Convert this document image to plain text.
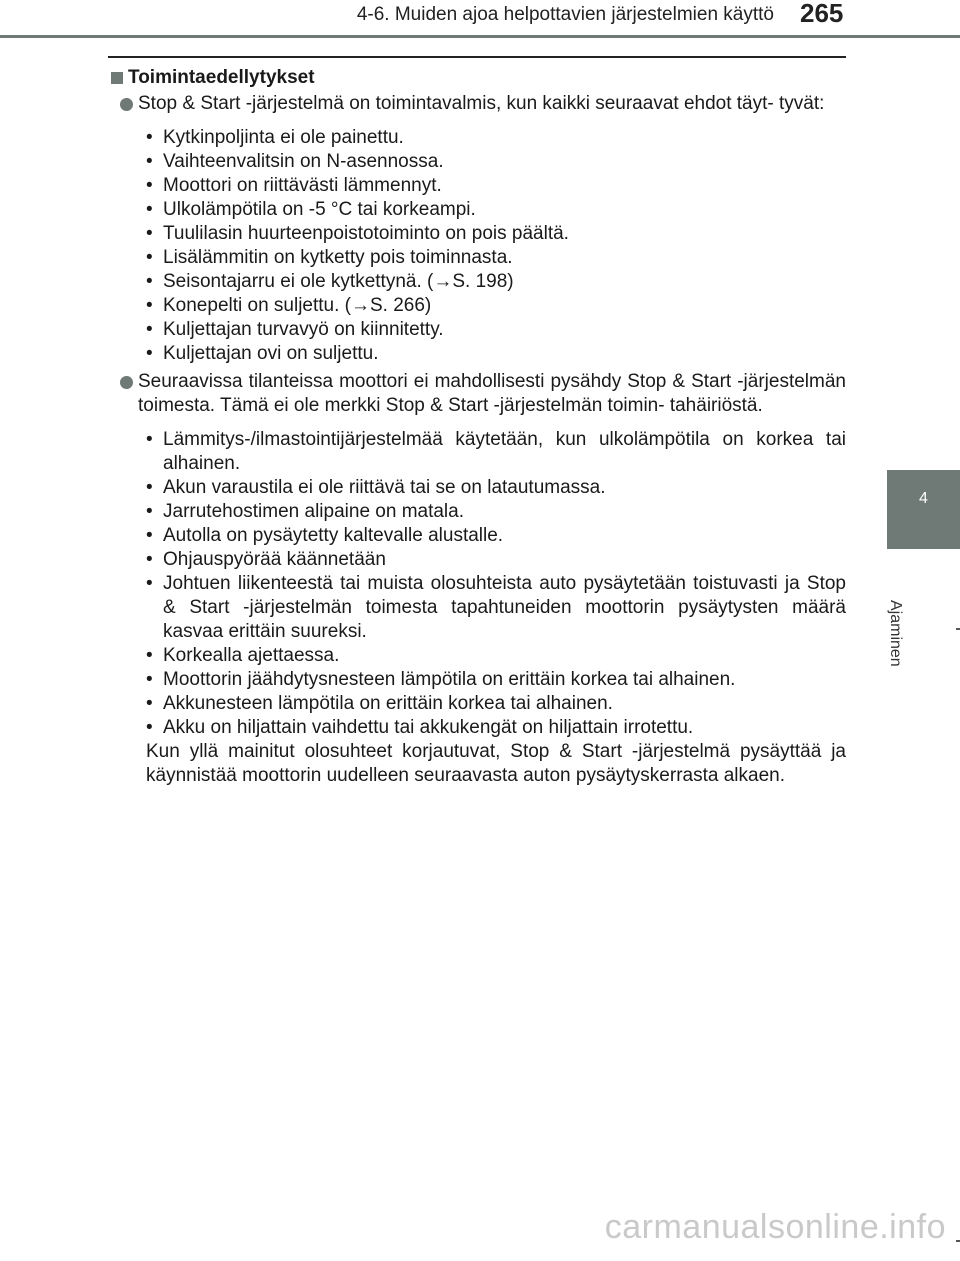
4-6. Muiden ajoa helpottavien järjestelmien käyttö 265
4
Ajaminen
Toimintaedellytykset
Stop & Start -järjestelmä on toimintavalmis, kun kaikki seuraavat ehdot täyt- tyvät:
• Kytkinpoljinta ei ole painettu.
• Vaihteenvalitsin on N-asennossa.
• Moottori on riittävästi lämmennyt.
• Ulkolämpötila on -5 °C tai korkeampi.
• Tuulilasin huurteenpoistotoiminto on pois päältä.
• Lisälämmitin on kytketty pois toiminnasta.
• Seisontajarru ei ole kytkettynä. (→S. 198)
• Konepelti on suljettu. (→S. 266)
• Kuljettajan turvavyö on kiinnitetty.
• Kuljettajan ovi on suljettu.
Seuraavissa tilanteissa moottori ei mahdollisesti pysähdy Stop & Start -järjestelmän toimesta. Tämä ei ole merkki Stop & Start -järjestelmän toimin- tahäiriöstä.
• Lämmitys-/ilmastointijärjestelmää käytetään, kun ulkolämpötila on korkea tai alhainen.
• Akun varaustila ei ole riittävä tai se on latautumassa.
• Jarrutehostimen alipaine on matala.
• Autolla on pysäytetty kaltevalle alustalle.
• Ohjauspyörää käännetään
• Johtuen liikenteestä tai muista olosuhteista auto pysäytetään toistuvasti ja Stop & Start -järjestelmän toimesta tapahtuneiden moottorin pysäytysten määrä kasvaa erittäin suureksi.
• Korkealla ajettaessa.
• Moottorin jäähdytysnesteen lämpötila on erittäin korkea tai alhainen.
• Akkunesteen lämpötila on erittäin korkea tai alhainen.
• Akku on hiljattain vaihdettu tai akkukengät on hiljattain irrotettu.
Kun yllä mainitut olosuhteet korjautuvat, Stop & Start -järjestelmä pysäyttää ja käynnistää moottorin uudelleen seuraavasta auton pysäytyskerrasta alkaen.
carmanualsonline.info
